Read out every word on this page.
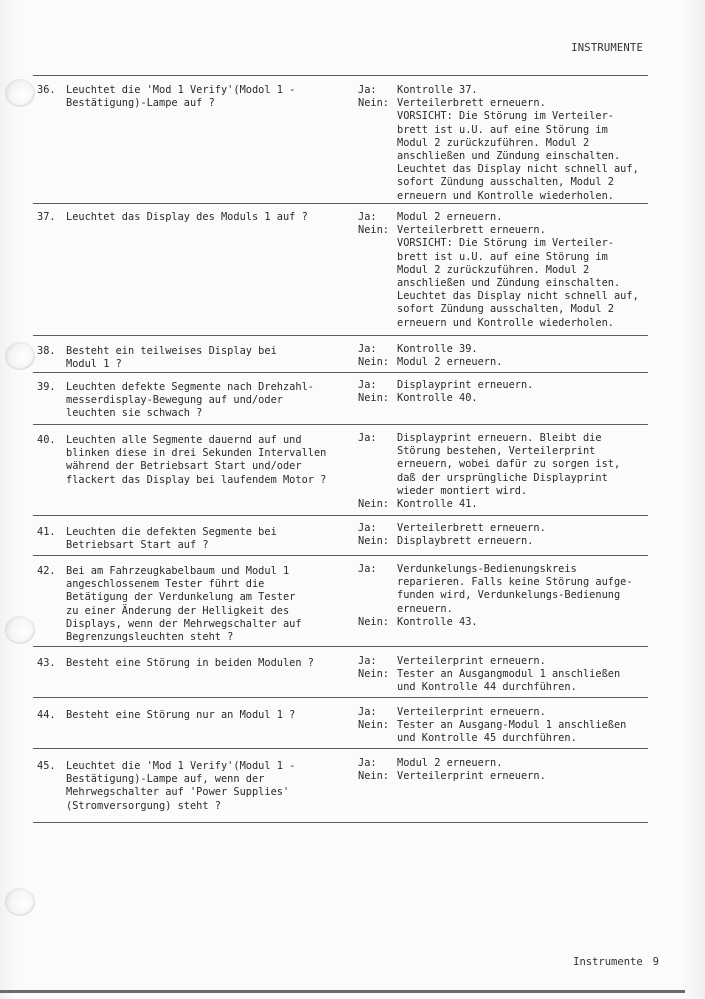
INSTRUMENTE
36.	Leuchtet die 'Mod 1 Verify'(Modol 1 -
Bestätigung)-Lampe auf ?
Ja:	Kontrolle 37.
Nein: Verteilerbrett erneuern.
VORSICHT: Die Störung im Verteiler-
brett ist u.U. auf eine Störung im
Modul 2 zurückzuführen. Modul 2
anschließen und Zündung einschalten.
Leuchtet das Display nicht schnell auf,
sofort Zündung ausschalten, Modul 2
erneuern und Kontrolle wiederholen.
37.	Leuchtet das Display des Moduls 1 auf ?	Ja:	Modul 2 erneuern.
Nein: Verteilerbrett erneuern.
VORSICHT: Die Störung im Verteiler-
brett ist u.U. auf eine Störung im
Modul 2 zurückzuführen. Modul 2
anschließen und Zündung einschalten.
Leuchtet das Display nicht schnell auf,
sofort Zündung ausschalten, Modul 2
erneuern und Kontrolle wiederholen.
38.	Besteht ein teilweises Display bei
Modul 1 ?
Ja:	Kontrolle 39.
Nein: Modul 2 erneuern.
39.	Leuchten defekte Segmente nach Drehzahl-
messerdisplay-Bewegung auf und/oder
leuchten sie schwach ?
Ja:	Displayprint erneuern.
Nein: Kontrolle 40.
40.	Leuchten alle Segmente dauernd auf und
blinken diese in drei Sekunden Intervallen
während der Betriebsart Start und/oder
flackert das Display bei laufendem Motor ?
Ja:	Displayprint erneuern. Bleibt die
Störung bestehen, Verteilerprint
erneuern, wobei dafür zu sorgen ist,
daß der ursprüngliche Displayprint
wieder montiert wird.
Nein: Kontrolle 41.
41.	Leuchten die defekten Segmente bei
Betriebsart Start auf ?
Ja:	Verteilerbrett erneuern.
Nein: Displaybrett erneuern.
42.	Bei am Fahrzeugkabelbaum und Modul 1
angeschlossenem Tester führt die
Betätigung der Verdunkelung am Tester
zu einer Änderung der Helligkeit des
Displays, wenn der Mehrwegschalter auf
Begrenzungsleuchten steht ?
Ja:	Verdunkelungs-Bedienungskreis
reparieren. Falls keine Störung aufge-
funden wird, Verdunkelungs-Bedienung
erneuern.
Nein: Kontrolle 43.
43.	Besteht eine Störung in beiden Modulen ?	Ja:	Verteilerprint erneuern.
Nein: Tester an Ausgangmodul 1 anschließen
und Kontrolle 44 durchführen.
44.	Besteht eine Störung nur an Modul 1 ?	Ja:	Verteilerprint erneuern.
Nein: Tester an Ausgang-Modul 1 anschließen
und Kontrolle 45 durchführen.
45.	Leuchtet die 'Mod 1 Verify'(Modul 1 -
Bestätigung)-Lampe auf, wenn der
Mehrwegschalter auf 'Power Supplies'
(Stromversorgung) steht ?
Ja:	Modul 2 erneuern.
Nein: Verteilerprint erneuern.
Instrumente 9
